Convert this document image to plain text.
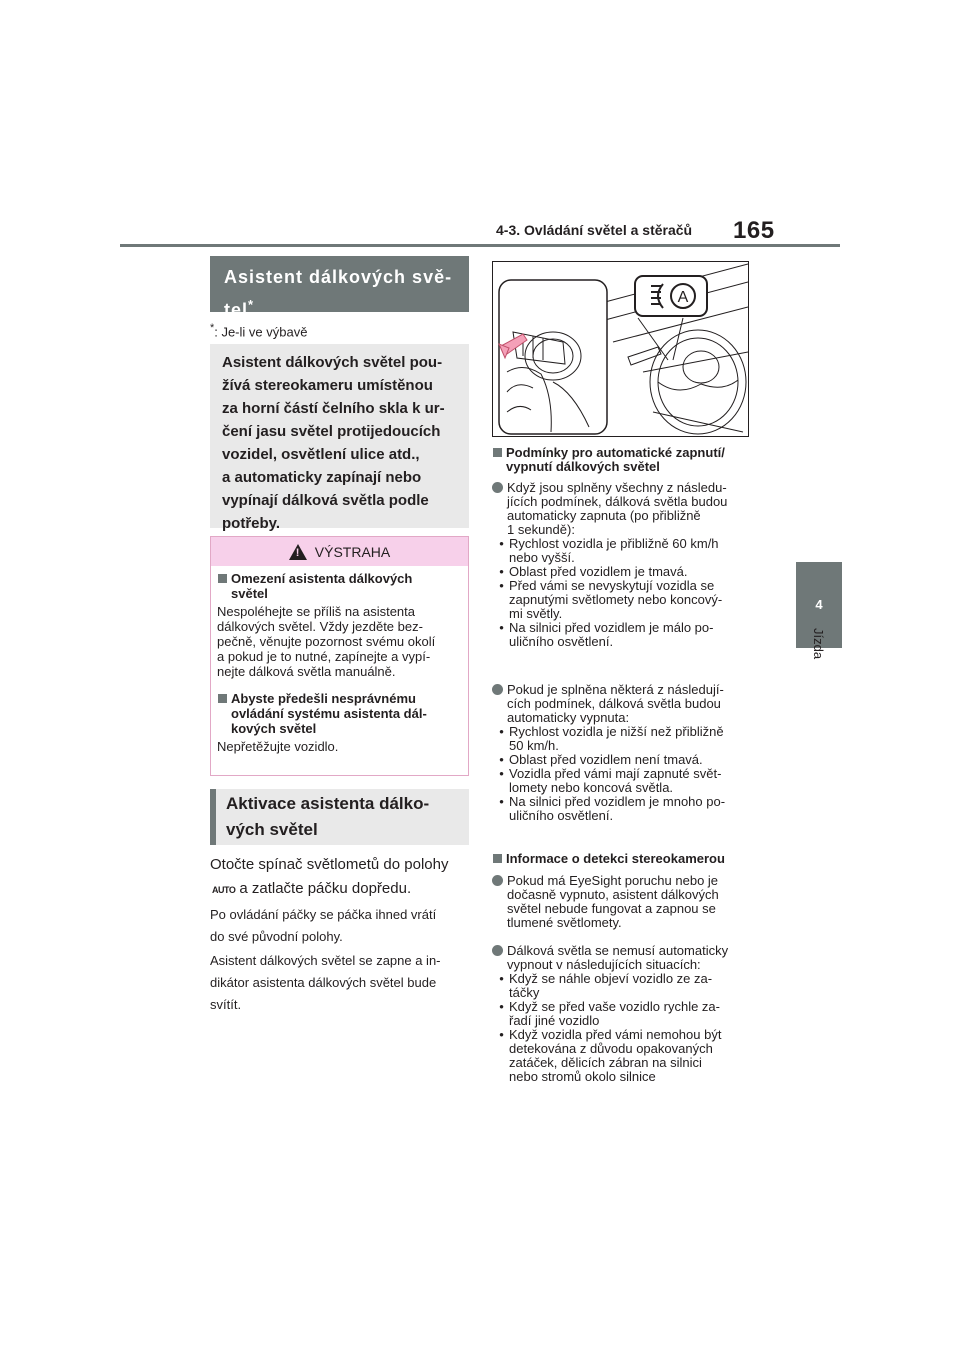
4-3. Ovládání světel a stěračů 165
4
Jízda
Asistent dálkových svě-
tel*
*: Je-li ve výbavě
Asistent dálkových světel pou-
žívá stereokameru umístěnou
za horní částí čelního skla k ur-
čení jasu světel protijedoucích
vozidel, osvětlení ulice atd.,
a automaticky zapínají nebo
vypínají dálková světla podle
potřeby.
! VÝSTRAHA
Omezení asistenta dálkových
světel
Nespoléhejte se příliš na asistenta
dálkových světel. Vždy jezděte bez-
pečně, věnujte pozornost svému okolí
a pokud je to nutné, zapínejte a vypí-
nejte dálková světla manuálně.
Abyste předešli nesprávnému
ovládání systému asistenta dál-
kových světel
Nepřetěžujte vozidlo.
Aktivace asistenta dálko-
vých světel
Otočte spínač světlometů do polohy
AUTO a zatlačte páčku dopředu.
Po ovládání páčky se páčka ihned vrátí
do své původní polohy.
Asistent dálkových světel se zapne a in-
dikátor asistenta dálkových světel bude
svítít.
A
Podmínky pro automatické zapnutí/
vypnutí dálkových světel
Když jsou splněny všechny z následu-
jících podmínek, dálková světla budou
automaticky zapnuta (po přibližně
1 sekundě):
• Rychlost vozidla je přibližně 60 km/h
nebo vyšší.
• Oblast před vozidlem je tmavá.
• Před vámi se nevyskytují vozidla se
zapnutými světlomety nebo koncový-
mi světly.
• Na silnici před vozidlem je málo po-
uličního osvětlení.
Pokud je splněna některá z následují-
cích podmínek, dálková světla budou
automaticky vypnuta:
• Rychlost vozidla je nižší než přibližně
50 km/h.
• Oblast před vozidlem není tmavá.
• Vozidla před vámi mají zapnuté svět-
lomety nebo koncová světla.
• Na silnici před vozidlem je mnoho po-
uličního osvětlení.
Informace o detekci stereokamerou
Pokud má EyeSight poruchu nebo je
dočasně vypnuto, asistent dálkových
světel nebude fungovat a zapnou se
tlumené světlomety.
Dálková světla se nemusí automaticky
vypnout v následujících situacích:
• Když se náhle objeví vozidlo ze za-
táčky
• Když se před vaše vozidlo rychle za-
řadí jiné vozidlo
• Když vozidla před vámi nemohou být
detekována z důvodu opakovaných
zatáček, dělicích zábran na silnici
nebo stromů okolo silnice
